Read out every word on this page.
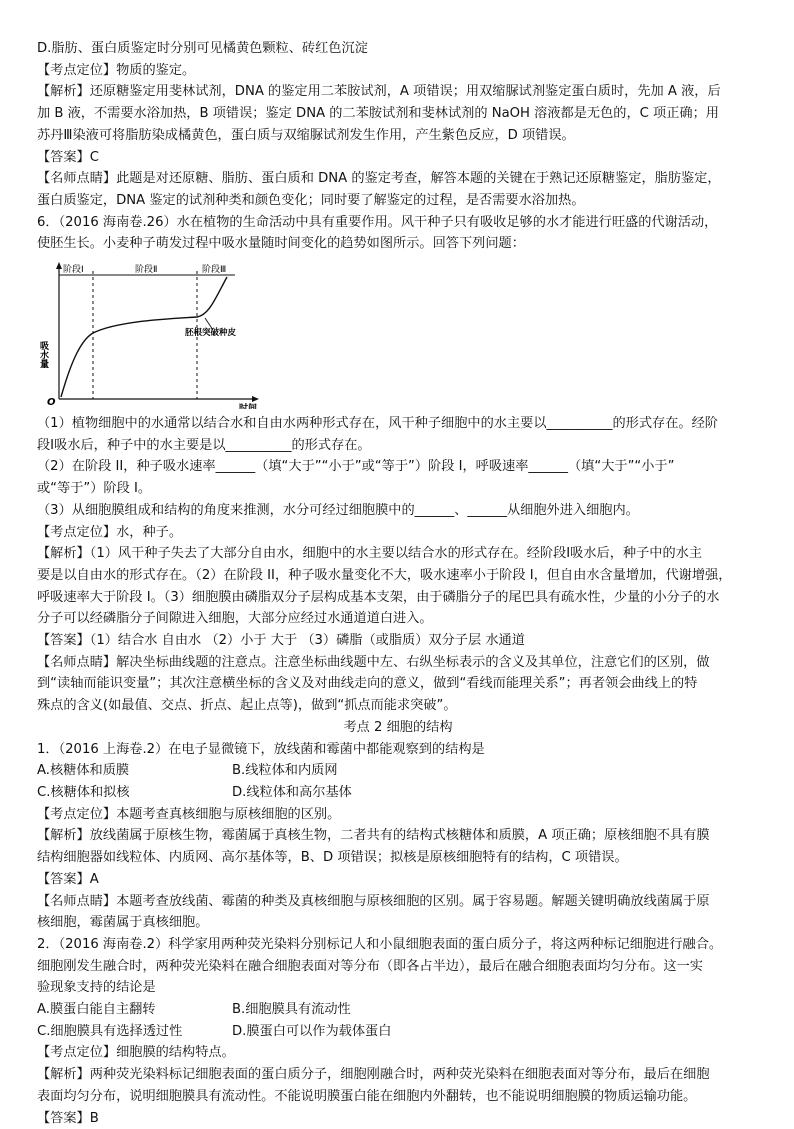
D.脂肪、蛋白质鉴定时分别可见橘黄色颗粒、砖红色沉淀
【考点定位】物质的鉴定。
【解析】还原糖鉴定用斐林试剂，DNA 的鉴定用二苯胺试剂，A 项错误；用双缩脲试剂鉴定蛋白质时，先加 A 液，后
加 B 液，不需要水浴加热，B 项错误；鉴定 DNA 的二苯胺试剂和斐林试剂的 NaOH 溶液都是无色的，C 项正确；用
苏丹Ⅲ染液可将脂肪染成橘黄色，蛋白质与双缩脲试剂发生作用，产生紫色反应，D 项错误。
【答案】C
【名师点睛】此题是对还原糖、脂肪、蛋白质和 DNA 的鉴定考查，解答本题的关键在于熟记还原糖鉴定，脂肪鉴定，
蛋白质鉴定，DNA 鉴定的试剂种类和颜色变化；同时要了解鉴定的过程，是否需要水浴加热。
6．（2016 海南卷.26）水在植物的生命活动中具有重要作用。风干种子只有吸收足够的水才能进行旺盛的代谢活动，
使胚生长。小麦种子萌发过程中吸水量随时间变化的趋势如图所示。回答下列问题：
阶段Ⅰ	阶段Ⅱ	阶段Ⅲ
胚根突破种皮
吸水量
时间
O
（1）植物细胞中的水通常以结合水和自由水两种形式存在，风干种子细胞中的水主要以__________的形式存在。经阶
段Ⅰ吸水后，种子中的水主要是以__________的形式存在。
（2）在阶段 II，种子吸水速率______（填“大于”“小于”或“等于”）阶段 I，呼吸速率______（填“大于”“小于”
或“等于”）阶段 I。
（3）从细胞膜组成和结构的角度来推测，水分可经过细胞膜中的______、______从细胞外进入细胞内。
【考点定位】水，种子。
【解析】（1）风干种子失去了大部分自由水，细胞中的水主要以结合水的形式存在。经阶段Ⅰ吸水后，种子中的水主
要是以自由水的形式存在。（2）在阶段 II，种子吸水量变化不大，吸水速率小于阶段 I，但自由水含量增加，代谢增强，
呼吸速率大于阶段 I。（3）细胞膜由磷脂双分子层构成基本支架，由于磷脂分子的尾巴具有疏水性，少量的小分子的水
分子可以经磷脂分子间隙进入细胞，大部分应经过水通道道白进入。
【答案】（1）结合水 自由水 （2）小于 大于 （3）磷脂（或脂质）双分子层 水通道
【名师点睛】解决坐标曲线题的注意点。注意坐标曲线题中左、右纵坐标表示的含义及其单位，注意它们的区别，做
到“读轴而能识变量”；其次注意横坐标的含义及对曲线走向的意义，做到“看线而能理关系”；再者领会曲线上的特
殊点的含义(如最值、交点、折点、起止点等)，做到“抓点而能求突破”。
考点 2 细胞的结构
1．（2016 上海卷.2）在电子显微镜下，放线菌和霉菌中都能观察到的结构是
A.核糖体和质膜	B.线粒体和内质网
C.核糖体和拟核	D.线粒体和高尔基体
【考点定位】本题考查真核细胞与原核细胞的区别。
【解析】放线菌属于原核生物，霉菌属于真核生物，二者共有的结构式核糖体和质膜，A 项正确；原核细胞不具有膜
结构细胞器如线粒体、内质网、高尔基体等，B、D 项错误；拟核是原核细胞特有的结构，C 项错误。
【答案】A
【名师点睛】本题考查放线菌、霉菌的种类及真核细胞与原核细胞的区别。属于容易题。解题关键明确放线菌属于原
核细胞，霉菌属于真核细胞。
2．（2016 海南卷.2）科学家用两种荧光染料分别标记人和小鼠细胞表面的蛋白质分子，将这两种标记细胞进行融合。
细胞刚发生融合时，两种荧光染料在融合细胞表面对等分布（即各占半边），最后在融合细胞表面均匀分布。这一实
验现象支持的结论是
A.膜蛋白能自主翻转	B.细胞膜具有流动性
C.细胞膜具有选择透过性	D.膜蛋白可以作为载体蛋白
【考点定位】细胞膜的结构特点。
【解析】两种荧光染料标记细胞表面的蛋白质分子，细胞刚融合时，两种荧光染料在细胞表面对等分布，最后在细胞
表面均匀分布，说明细胞膜具有流动性。不能说明膜蛋白能在细胞内外翻转，也不能说明细胞膜的物质运输功能。
【答案】B
